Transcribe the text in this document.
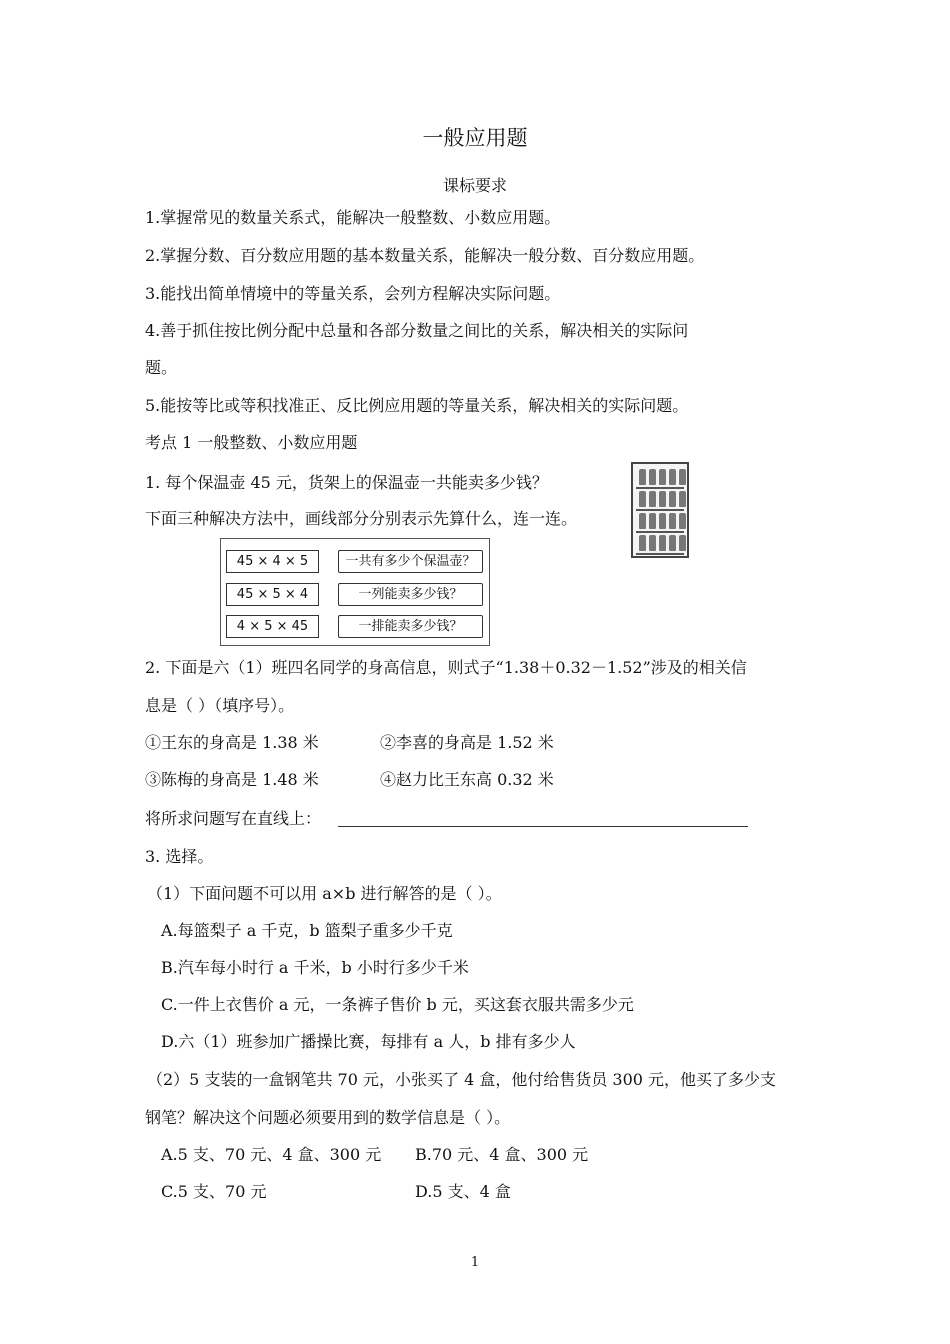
一般应用题
课标要求
1.掌握常见的数量关系式，能解决一般整数、小数应用题。
2.掌握分数、百分数应用题的基本数量关系，能解决一般分数、百分数应用题。
3.能找出简单情境中的等量关系，会列方程解决实际问题。
4.善于抓住按比例分配中总量和各部分数量之间比的关系，解决相关的实际问
题。
5.能按等比或等积找准正、反比例应用题的等量关系，解决相关的实际问题。
考点 1 一般整数、小数应用题
1. 每个保温壶 45 元，货架上的保温壶一共能卖多少钱？
下面三种解决方法中，画线部分分别表示先算什么，连一连。
45 × 4 × 5
45 × 5 × 4
4 × 5 × 45
一共有多少个保温壶？
一列能卖多少钱？
一排能卖多少钱？
2. 下面是六（1）班四名同学的身高信息，则式子“1.38＋0.32－1.52”涉及的相关信
息是（ ）（填序号）。
①王东的身高是 1.38 米	②李喜的身高是 1.52 米
③陈梅的身高是 1.48 米	④赵力比王东高 0.32 米
将所求问题写在直线上：
3. 选择。
（1）下面问题不可以用 a×b 进行解答的是（ ）。
A.每篮梨子 a 千克，b 篮梨子重多少千克
B.汽车每小时行 a 千米，b 小时行多少千米
C.一件上衣售价 a 元，一条裤子售价 b 元，买这套衣服共需多少元
D.六（1）班参加广播操比赛，每排有 a 人，b 排有多少人
（2）5 支装的一盒钢笔共 70 元，小张买了 4 盒，他付给售货员 300 元，他买了多少支
钢笔？解决这个问题必须要用到的数学信息是（ ）。
A.5 支、70 元、4 盒、300 元 B.70 元、4 盒、300 元
C.5 支、70 元	D.5 支、4 盒
1
